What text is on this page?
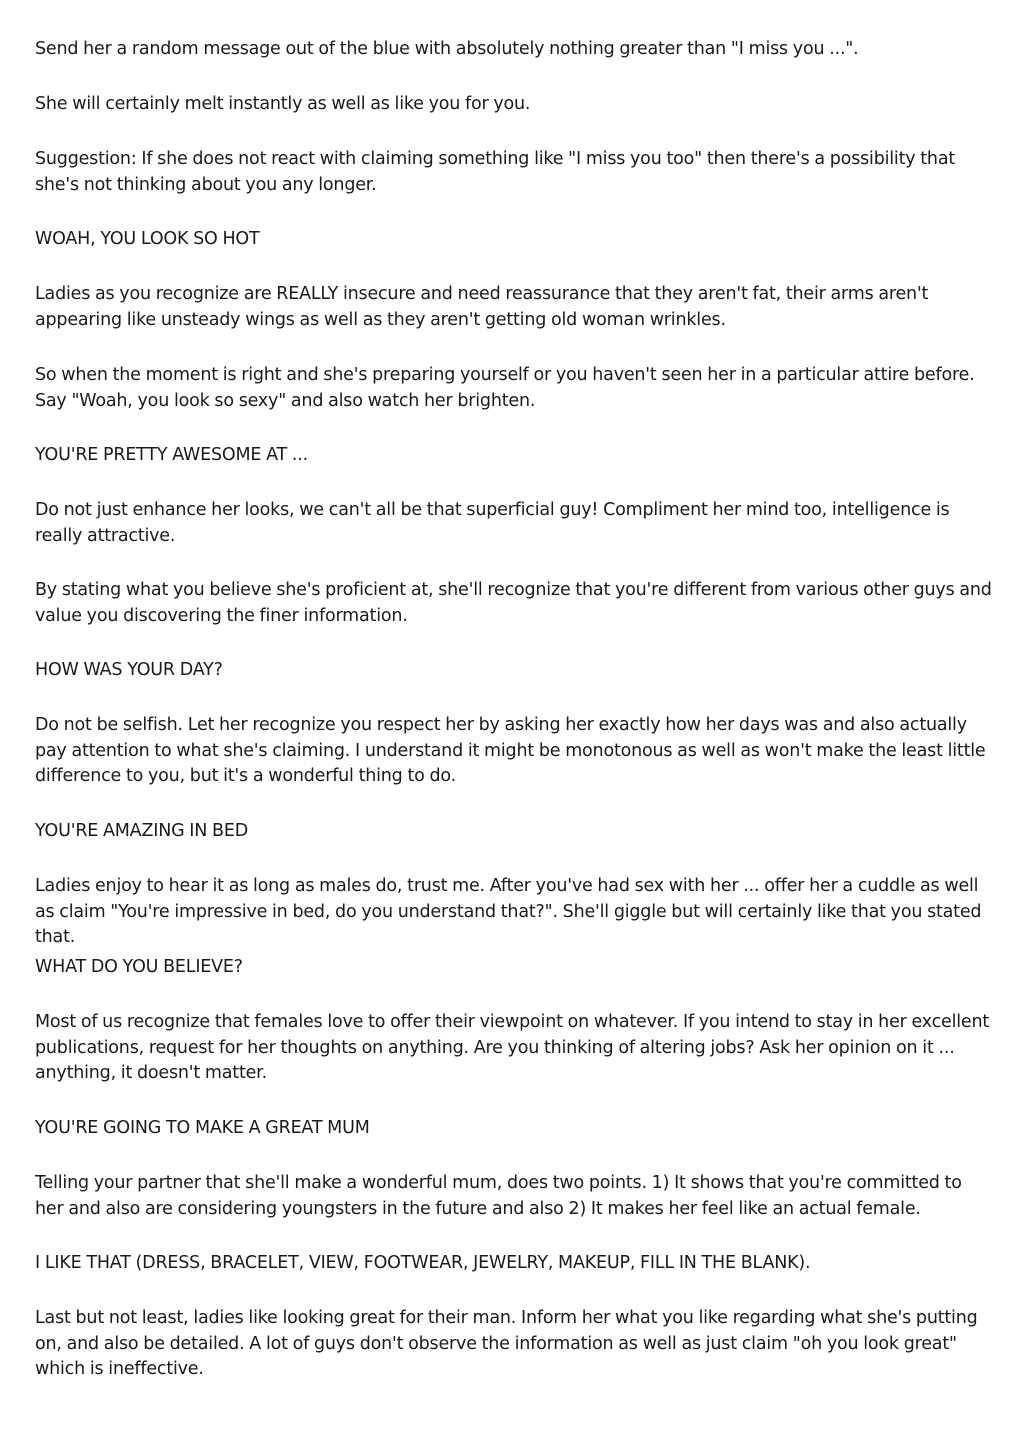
Send her a random message out of the blue with absolutely nothing greater than "I miss you ...".

She will certainly melt instantly as well as like you for you.

Suggestion: If she does not react with claiming something like "I miss you too" then there's a possibility that she's not thinking about you any longer.

WOAH, YOU LOOK SO HOT

Ladies as you recognize are REALLY insecure and need reassurance that they aren't fat, their arms aren't appearing like unsteady wings as well as they aren't getting old woman wrinkles.

So when the moment is right and she's preparing yourself or you haven't seen her in a particular attire before. Say "Woah, you look so sexy" and also watch her brighten.

YOU'RE PRETTY AWESOME AT ...

Do not just enhance her looks, we can't all be that superficial guy! Compliment her mind too, intelligence is really attractive.

By stating what you believe she's proficient at, she'll recognize that you're different from various other guys and value you discovering the finer information.

HOW WAS YOUR DAY?

Do not be selfish. Let her recognize you respect her by asking her exactly how her days was and also actually pay attention to what she's claiming. I understand it might be monotonous as well as won't make the least little difference to you, but it's a wonderful thing to do.

YOU'RE AMAZING IN BED

Ladies enjoy to hear it as long as males do, trust me. After you've had sex with her ... offer her a cuddle as well as claim "You're impressive in bed, do you understand that?". She'll giggle but will certainly like that you stated that.

WHAT DO YOU BELIEVE?

Most of us recognize that females love to offer their viewpoint on whatever. If you intend to stay in her excellent publications, request for her thoughts on anything. Are you thinking of altering jobs? Ask her opinion on it ... anything, it doesn't matter.

YOU'RE GOING TO MAKE A GREAT MUM

Telling your partner that she'll make a wonderful mum, does two points. 1) It shows that you're committed to her and also are considering youngsters in the future and also 2) It makes her feel like an actual female.

I LIKE THAT (DRESS, BRACELET, VIEW, FOOTWEAR, JEWELRY, MAKEUP, FILL IN THE BLANK).

Last but not least, ladies like looking great for their man. Inform her what you like regarding what she's putting on, and also be detailed. A lot of guys don't observe the information as well as just claim "oh you look great" which is ineffective.
